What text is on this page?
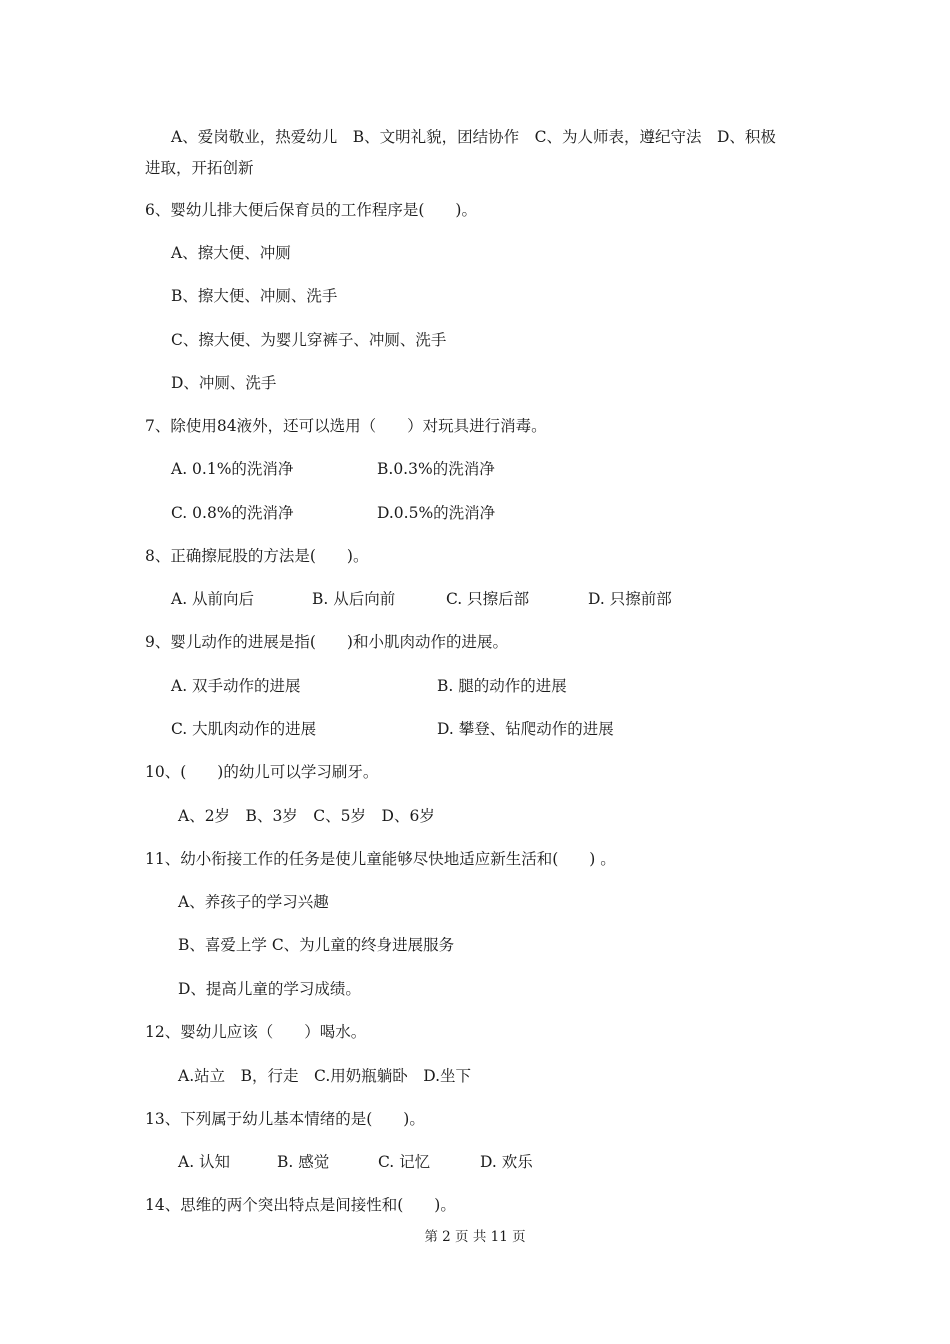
A、爱岗敬业，热爱幼儿　B、文明礼貌，团结协作　C、为人师表，遵纪守法　D、积极
进取，开拓创新
6、婴幼儿排大便后保育员的工作程序是(　　)。
A、擦大便、冲厕
B、擦大便、冲厕、洗手
C、擦大便、为婴儿穿裤子、冲厕、洗手
D、冲厕、洗手
7、除使用84液外，还可以选用（　　）对玩具进行消毒。
A. 0.1%的洗消净	B.0.3%的洗消净
C. 0.8%的洗消净	D.0.5%的洗消净
8、正确擦屁股的方法是(　　)。
A. 从前向后	B. 从后向前	C. 只擦后部	D. 只擦前部
9、婴儿动作的进展是指(　　)和小肌肉动作的进展。
A. 双手动作的进展	B. 腿的动作的进展
C. 大肌肉动作的进展	D. 攀登、钻爬动作的进展
10、(　　)的幼儿可以学习刷牙。
A、2岁　B、3岁　C、5岁　D、6岁
11、幼小衔接工作的任务是使儿童能够尽快地适应新生活和(　　) 。
A、养孩子的学习兴趣
B、喜爱上学 C、为儿童的终身进展服务
D、提高儿童的学习成绩。
12、婴幼儿应该（　　）喝水。
A.站立　B，行走　C.用奶瓶躺卧　D.坐下
13、下列属于幼儿基本情绪的是(　　)。
A. 认知	B. 感觉	C. 记忆	D. 欢乐
14、思维的两个突出特点是间接性和(　　)。
第 2 页 共 11 页
